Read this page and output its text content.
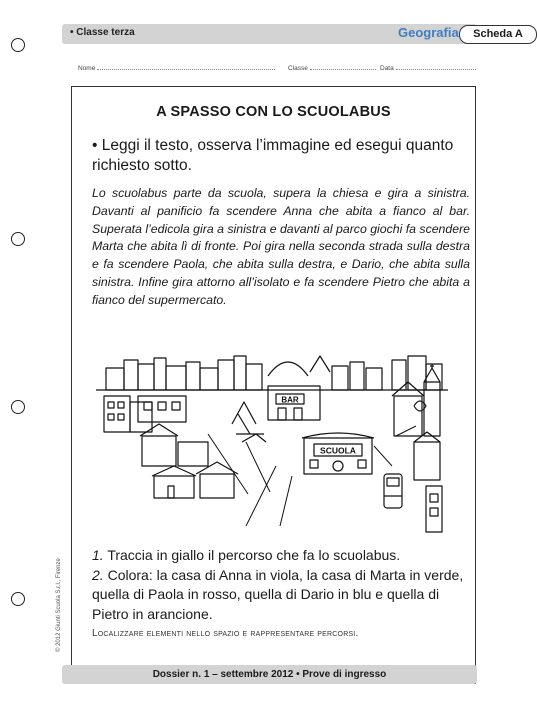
• Classe terza	Geografia	Scheda A
Nome	Classe	Data
A SPASSO CON LO SCUOLABUS
• Leggi il testo, osserva l’immagine ed esegui quanto richiesto sotto.
Lo scuolabus parte da scuola, supera la chiesa e gira a sinistra. Davanti al panificio fa scendere Anna che abita a fianco al bar. Superata l’edicola gira a sinistra e davanti al parco giochi fa scendere Marta che abita lì di fronte. Poi gira nella seconda strada sulla destra e fa scendere Paola, che abita sulla destra, e Dario, che abita sulla sinistra. Infine gira attorno all’isolato e fa scendere Pietro che abita a fianco del supermercato.
BAR
SCUOLA
1. Traccia in giallo il percorso che fa lo scuolabus.
2. Colora: la casa di Anna in viola, la casa di Marta in verde, quella di Paola in rosso, quella di Dario in blu e quella di Pietro in arancione.
Localizzare elementi nello spazio e rappresentare percorsi.
© 2012 Giunti Scuola S.r.l., Firenze
Dossier n. 1 – settembre 2012 • Prove di ingresso
